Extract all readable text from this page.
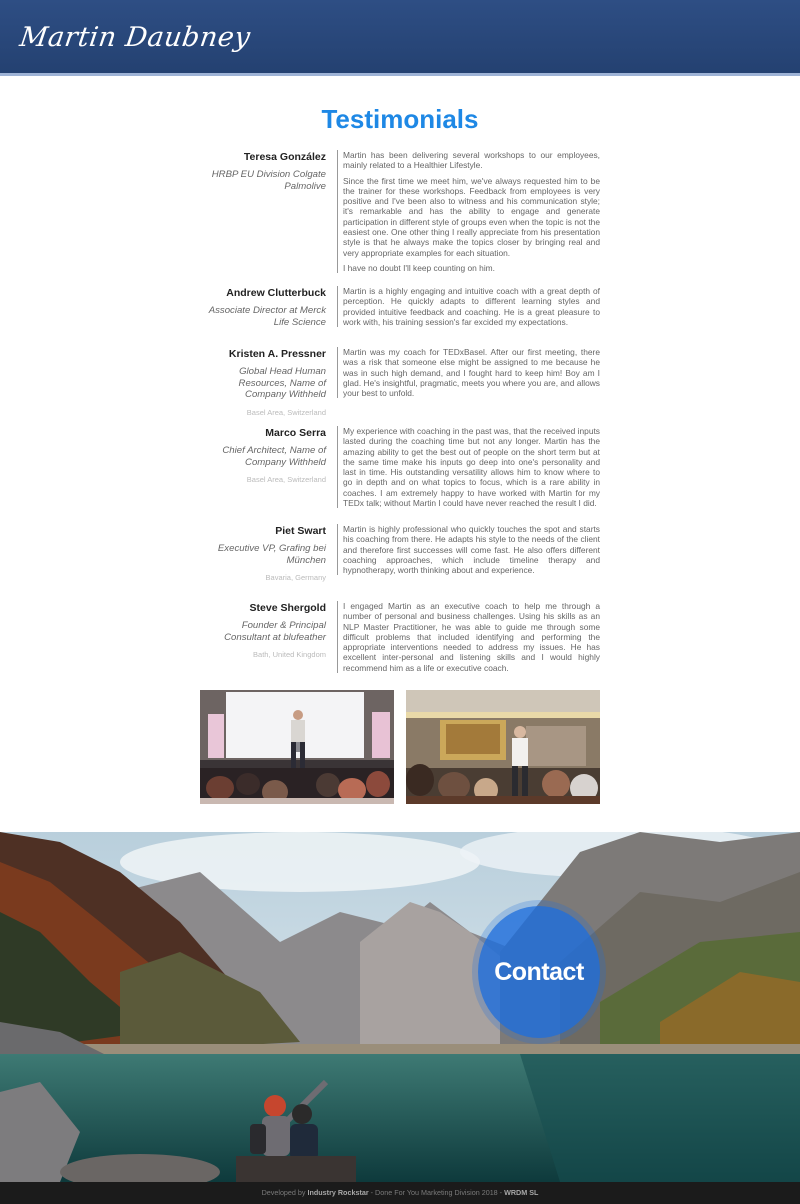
Martin Daubney
Testimonials
Teresa González
HRBP EU Division Colgate Palmolive

Martin has been delivering several workshops to our employees, mainly related to a Healthier Lifestyle.

Since the first time we meet him, we've always requested him to be the trainer for these workshops. Feedback from employees is very positive and I've been also to witness and his communication style; it's remarkable and has the ability to engage and generate participation in different style of groups even when the topic is not the easiest one. One other thing I really appreciate from his presentation style is that he always make the topics closer by bringing real and very appropriate examples for each situation.

I have no doubt I'll keep counting on him.

Andrew Clutterbuck
Associate Director at Merck Life Science

Martin is a highly engaging and intuitive coach with a great depth of perception. He quickly adapts to different learning styles and provided intuitive feedback and coaching. He is a great pleasure to work with, his training session's far excided my expectations.

Kristen A. Pressner
Global Head Human Resources, Name of Company Withheld
Basel Area, Switzerland

Martin was my coach for TEDxBasel. After our first meeting, there was a risk that someone else might be assigned to me because he was in such high demand, and I fought hard to keep him! Boy am I glad. He's insightful, pragmatic, meets you where you are, and allows your best to unfold.

Marco Serra
Chief Architect, Name of Company Withheld
Basel Area, Switzerland

My experience with coaching in the past was, that the received inputs lasted during the coaching time but not any longer. Martin has the amazing ability to get the best out of people on the short term but at the same time make his inputs go deep into one's personality and last in time. His outstanding versatility allows him to know where to go in depth and on what topics to focus, which is a rare ability in coaches. I am extremely happy to have worked with Martin for my TEDx talk; without Martin I could have never reached the result I did.

Piet Swart
Executive VP, Grafing bei München
Bavaria, Germany

Martin is highly professional who quickly touches the spot and starts his coaching from there. He adapts his style to the needs of the client and therefore first successes will come fast. He also offers different coaching approaches, which include timeline therapy and hypnotherapy, worth thinking about and experience.

Steve Shergold
Founder & Principal Consultant at blufeather
Bath, United Kingdom

I engaged Martin as an executive coach to help me through a number of personal and business challenges. Using his skills as an NLP Master Practitioner, he was able to guide me through some difficult problems that included identifying and performing the appropriate interventions needed to address my issues. He has excellent inter-personal and listening skills and I would highly recommend him as a life or executive coach.

Contact
Developed by Industry Rockstar - Done For You Marketing Division 2018 - WRDM SL
